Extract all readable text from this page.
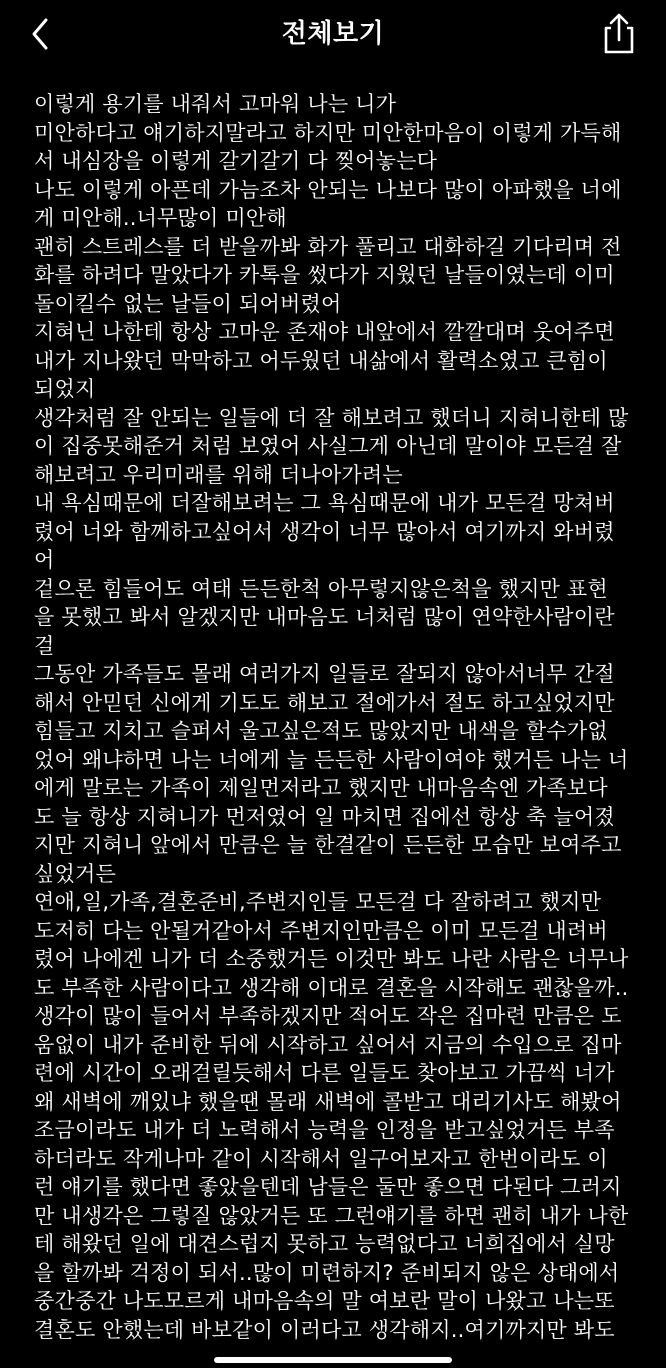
전체보기
이렇게 용기를 내줘서 고마워 나는 니가
미안하다고 얘기하지말라고 하지만 미안한마음이 이렇게 가득해
서 내심장을 이렇게 갈기갈기 다 찢어놓는다
나도 이렇게 아픈데 가늠조차 안되는 나보다 많이 아파했을 너에
게 미안해..너무많이 미안해
괜히 스트레스를 더 받을까봐 화가 풀리고 대화하길 기다리며 전
화를 하려다 말았다가 카톡을 썼다가 지웠던 날들이였는데 이미
돌이킬수 없는 날들이 되어버렸어
지혀닌 나한테 항상 고마운 존재야 내앞에서 깔깔대며 웃어주면
내가 지나왔던 막막하고 어두웠던 내삶에서 활력소였고 큰힘이
되었지
생각처럼 잘 안되는 일들에 더 잘 해보려고 했더니 지혀니한테 많
이 집중못해준거 처럼 보였어 사실그게 아닌데 말이야 모든걸 잘
해보려고 우리미래를 위해 더나아가려는
내 욕심때문에 더잘해보려는 그 욕심때문에 내가 모든걸 망쳐버
렸어 너와 함께하고싶어서 생각이 너무 많아서 여기까지 와버렸
어
겉으론 힘들어도 여태 든든한척 아무렇지않은척을 했지만 표현
을 못했고 봐서 알겠지만 내마음도 너처럼 많이 연약한사람이란
걸
그동안 가족들도 몰래 여러가지 일들로 잘되지 않아서너무 간절
해서 안믿던 신에게 기도도 해보고 절에가서 절도 하고싶었지만
힘들고 지치고 슬퍼서 울고싶은적도 많았지만 내색을 할수가없
었어 왜냐하면 나는 너에게 늘 든든한 사람이여야 했거든 나는 너
에게 말로는 가족이 제일먼저라고 했지만 내마음속엔 가족보다
도 늘 항상 지혀니가 먼저였어 일 마치면 집에선 항상 축 늘어졌
지만 지혀니 앞에서 만큼은 늘 한결같이 든든한 모습만 보여주고
싶었거든
연애,일,가족,결혼준비,주변지인들 모든걸 다 잘하려고 했지만
도저히 다는 안될거같아서 주변지인만큼은 이미 모든걸 내려버
렸어 나에겐 니가 더 소중했거든 이것만 봐도 나란 사람은 너무나
도 부족한 사람이다고 생각해 이대로 결혼을 시작해도 괜찮을까..
생각이 많이 들어서 부족하겠지만 적어도 작은 집마련 만큼은 도
움없이 내가 준비한 뒤에 시작하고 싶어서 지금의 수입으로 집마
련에 시간이 오래걸릴듯해서 다른 일들도 찾아보고 가끔씩 너가
왜 새벽에 깨있냐 했을땐 몰래 새벽에 콜받고 대리기사도 해봤어
조금이라도 내가 더 노력해서 능력을 인정을 받고싶었거든 부족
하더라도 작게나마 같이 시작해서 일구어보자고 한번이라도 이
런 얘기를 했다면 좋았을텐데 남들은 둘만 좋으면 다된다 그러지
만 내생각은 그렇질 않았거든 또 그런얘기를 하면 괜히 내가 나한
테 해왔던 일에 대견스럽지 못하고 능력없다고 너희집에서 실망
을 할까봐 걱정이 되서..많이 미련하지? 준비되지 않은 상태에서
중간중간 나도모르게 내마음속의 말 여보란 말이 나왔고 나는또
결혼도 안했는데 바보같이 이러다고 생각해지..여기까지만 봐도
